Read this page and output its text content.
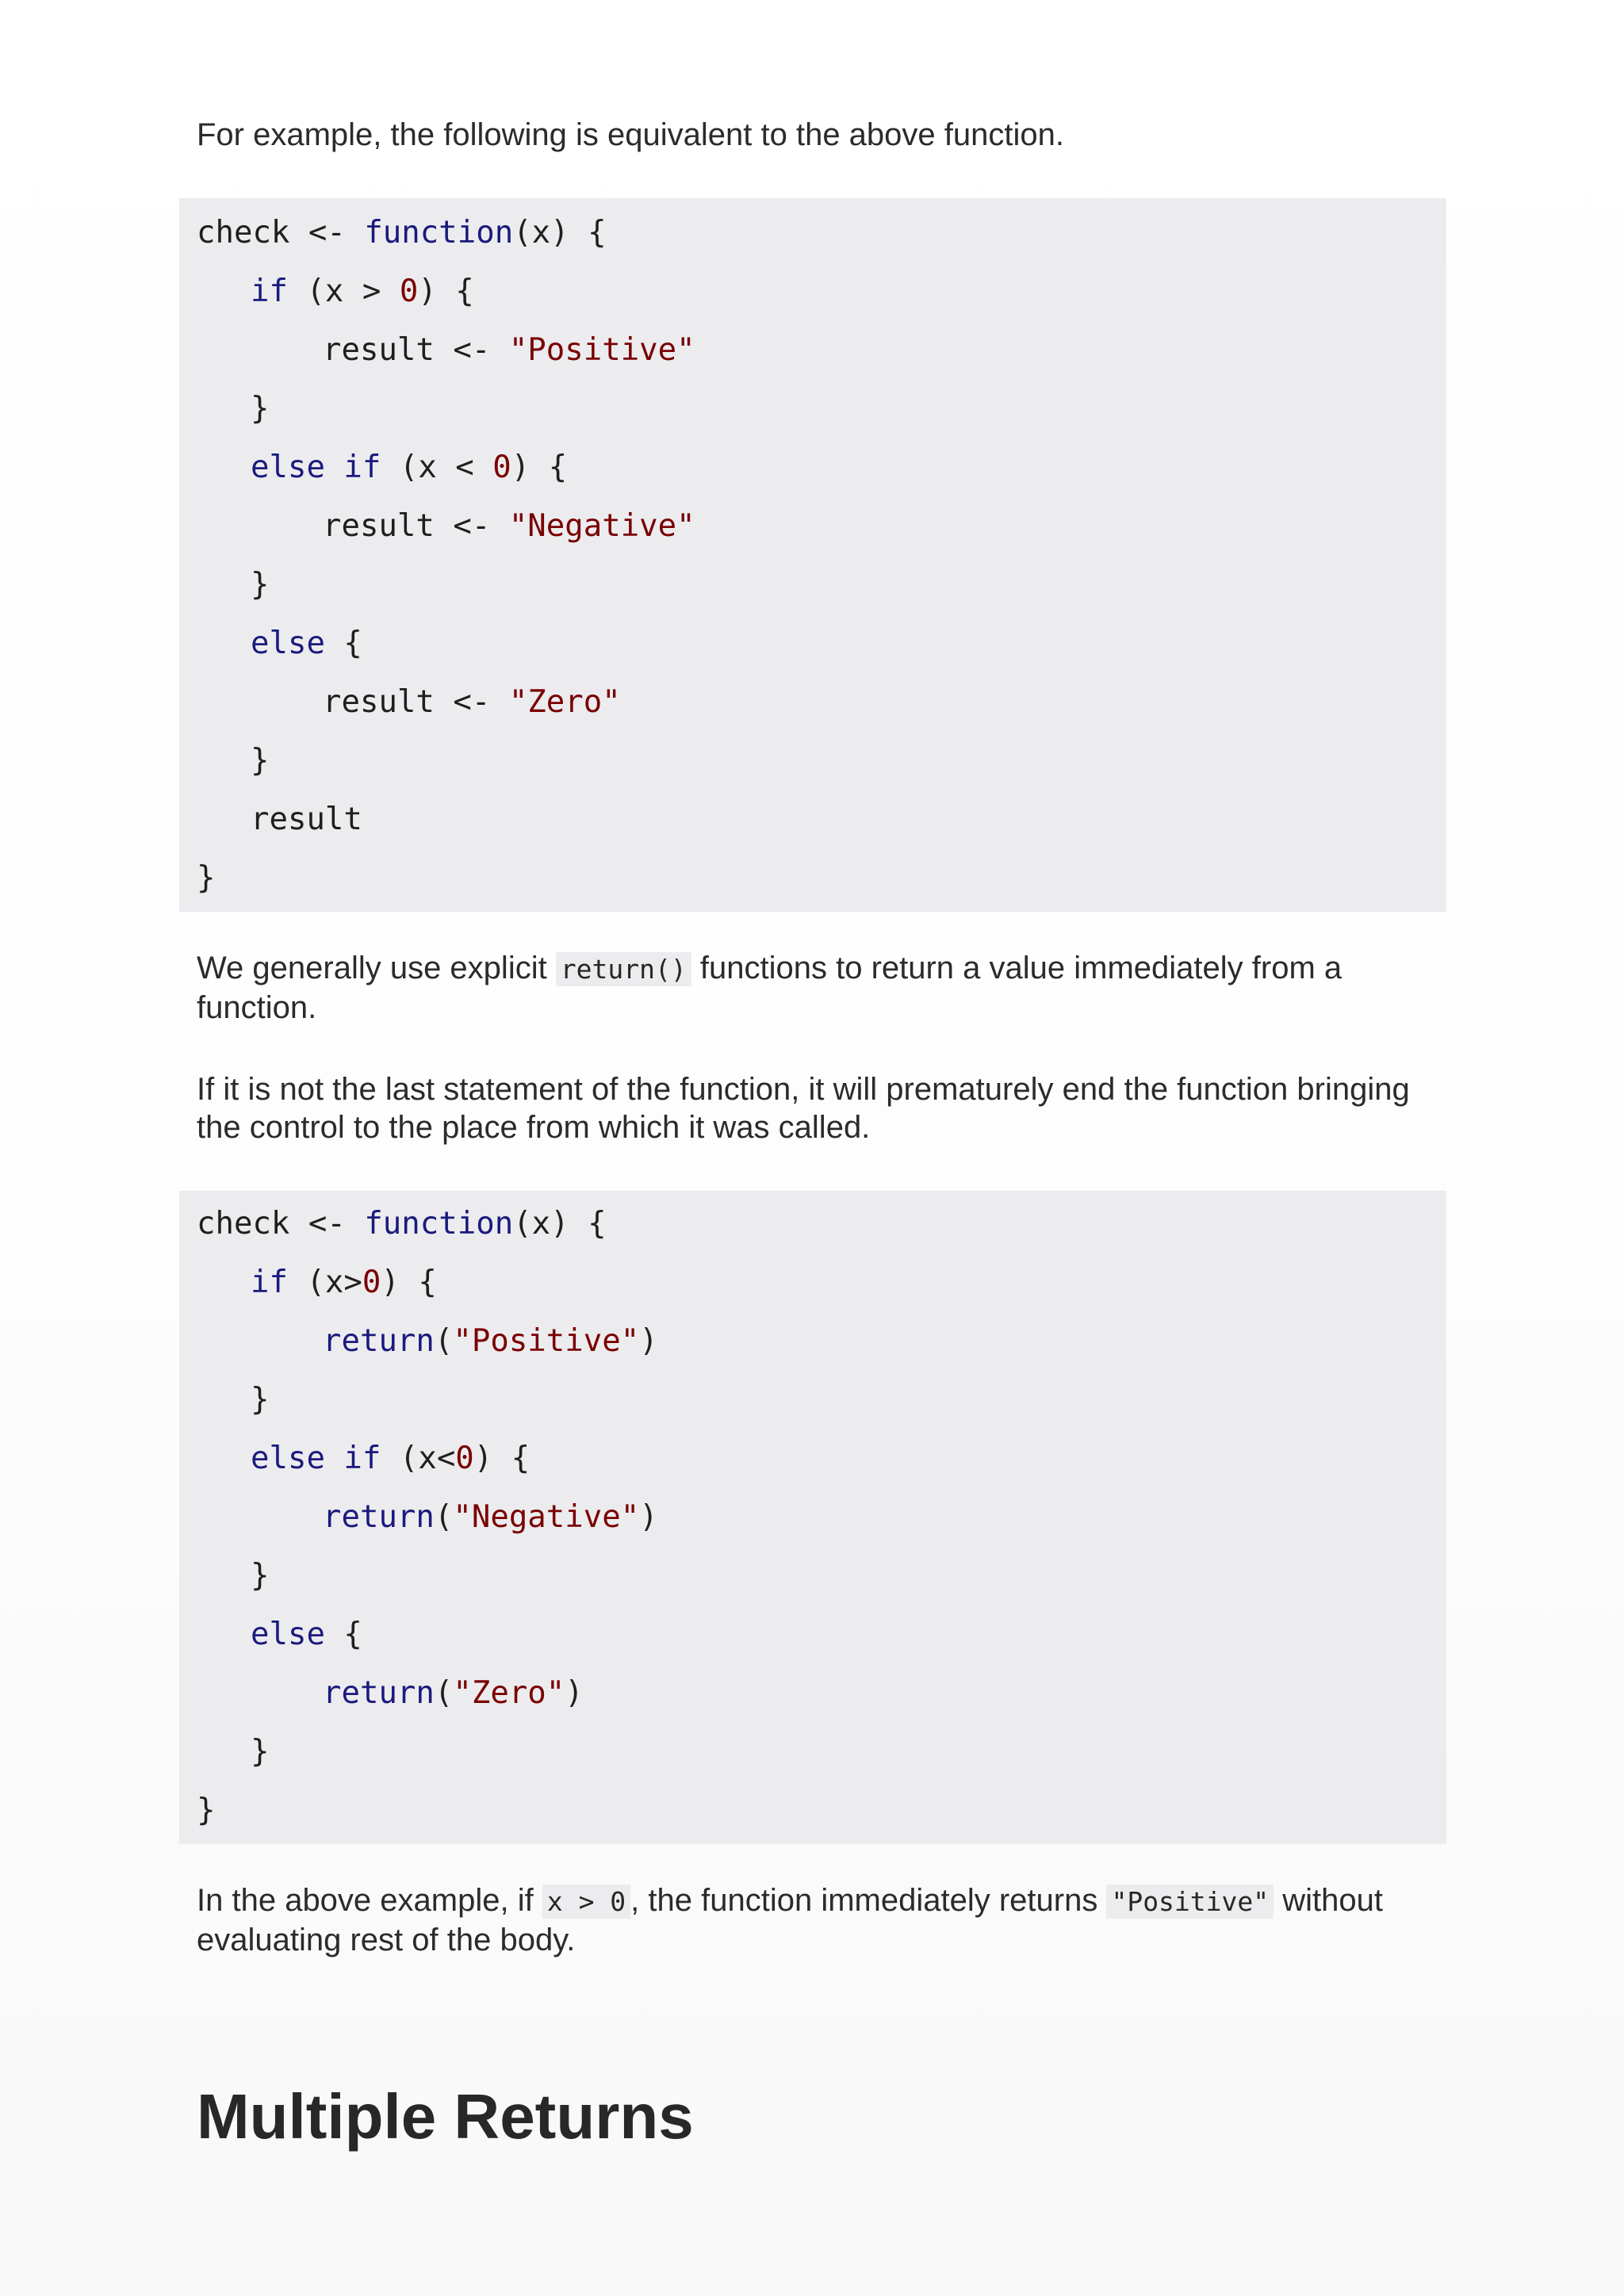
For example, the following is equivalent to the above function.

check <- function(x) {
if (x > 0) {
result <- "Positive"
}
else if (x < 0) {
result <- "Negative"
}
else {
result <- "Zero"
}
result
}

We generally use explicit return() functions to return a value immediately from a function.

If it is not the last statement of the function, it will prematurely end the function bringing the control to the place from which it was called.

check <- function(x) {
if (x>0) {
return("Positive")
}
else if (x<0) {
return("Negative")
}
else {
return("Zero")
}
}

In the above example, if x > 0 , the function immediately returns "Positive" without evaluating rest of the body.

Multiple Returns
